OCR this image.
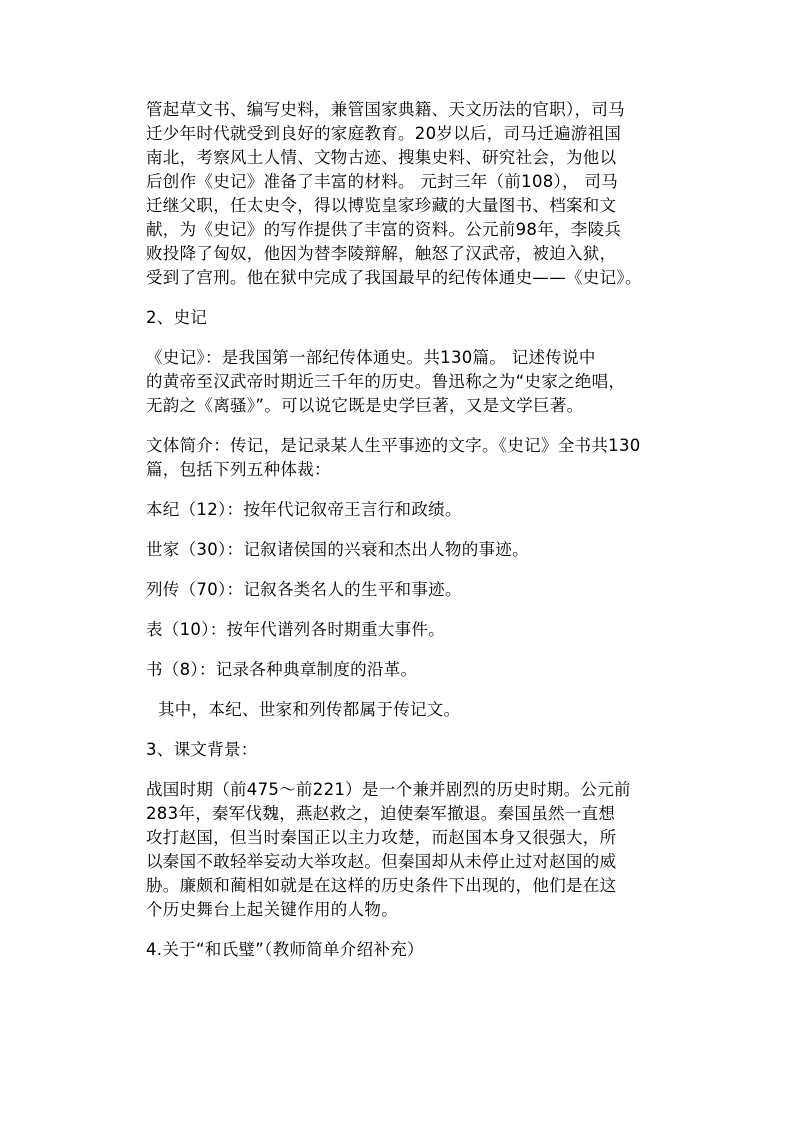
管起草文书、编写史料，兼管国家典籍、天文历法的官职），司马
迁少年时代就受到良好的家庭教育。20岁以后，司马迁遍游祖国
南北，考察风土人情、文物古迹、搜集史料、研究社会，为他以
后创作《史记》准备了丰富的材料。 元封三年（前108）， 司马
迁继父职，任太史令，得以博览皇家珍藏的大量图书、档案和文
献，为《史记》的写作提供了丰富的资料。公元前98年，李陵兵
败投降了匈奴，他因为替李陵辩解，触怒了汉武帝，被迫入狱，
受到了宫刑。他在狱中完成了我国最早的纪传体通史——《史记》。
2、史记
《史记》：是我国第一部纪传体通史。共130篇。 记述传说中
的黄帝至汉武帝时期近三千年的历史。鲁迅称之为“史家之绝唱，
无韵之《离骚》”。可以说它既是史学巨著，又是文学巨著。
文体简介：传记，是记录某人生平事迹的文字。《史记》全书共130
篇，包括下列五种体裁：
本纪（12）：按年代记叙帝王言行和政绩。
世家（30）：记叙诸侯国的兴衰和杰出人物的事迹。
列传（70）：记叙各类名人的生平和事迹。
表（10）：按年代谱列各时期重大事件。
书（8）：记录各种典章制度的沿革。
其中，本纪、世家和列传都属于传记文。
3、课文背景：
战国时期（前475～前221）是一个兼并剧烈的历史时期。公元前
283年，秦军伐魏，燕赵救之，迫使秦军撤退。秦国虽然一直想
攻打赵国，但当时秦国正以主力攻楚，而赵国本身又很强大，所
以秦国不敢轻举妄动大举攻赵。但秦国却从未停止过对赵国的威
胁。廉颇和蔺相如就是在这样的历史条件下出现的，他们是在这
个历史舞台上起关键作用的人物。
4.关于“和氏璧”（教师简单介绍补充）
